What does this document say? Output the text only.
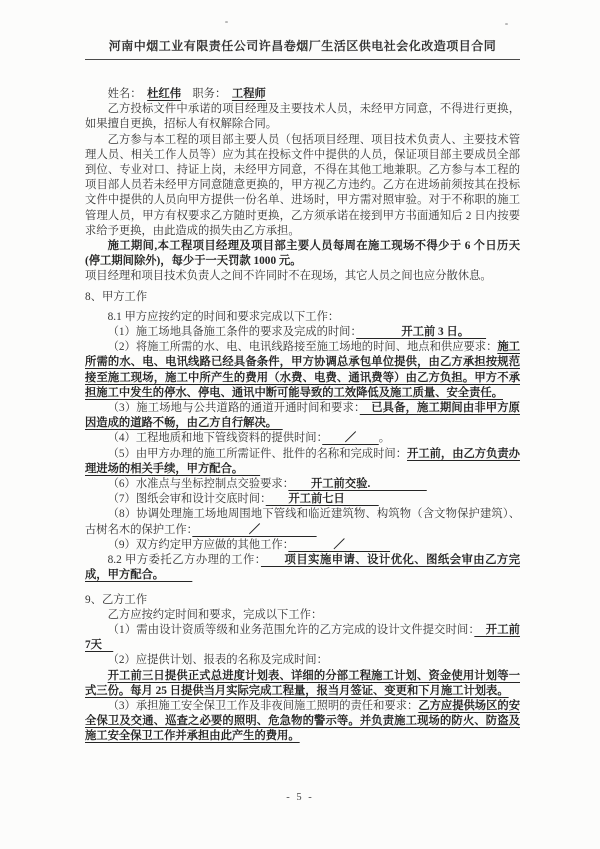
河南中烟工业有限责任公司许昌卷烟厂生活区供电社会化改造项目合同

姓名：　杜红伟　职务：　工程师

乙方投标文件中承诺的项目经理及主要技术人员，未经甲方同意，不得进行更换，如果擅自更换，招标人有权解除合同。

乙方参与本工程的项目部主要人员（包括项目经理、项目技术负责人、主要技术管理人员、相关工作人员等）应为其在投标文件中提供的人员，保证项目部主要成员全部到位、专业对口、持证上岗，未经甲方同意，不得在其他工地兼职。乙方参与本工程的项目部人员若未经甲方同意随意更换的，甲方视乙方违约。乙方在进场前须按其在投标文件中提供的人员向甲方提供一份名单、进场时，甲方需对照审验。对于不称职的施工管理人员，甲方有权要求乙方随时更换，乙方须承诺在接到甲方书面通知后 2 日内按要求给予更换，由此造成的损失由乙方承担。

施工期间,本工程项目经理及项目部主要人员每周在施工现场不得少于 6 个日历天(停工期间除外)，每少于一天罚款 1000 元。

项目经理和项目技术负责人之间不许同时不在现场，其它人员之间也应分散休息。

8、甲方工作

8.1 甲方应按约定的时间和要求完成以下工作：

（1）施工场地具备施工条件的要求及完成的时间：　　　　开工前 3 日。　　

（2）将施工所需的水、电、电讯线路接至施工场地的时间、地点和供应要求：施工所需的水、电、电讯线路已经具备条件，甲方协调总承包单位提供，由乙方承担按规范接至施工现场，施工中所产生的费用（水费、电费、通讯费等）由乙方负担。甲方不承担施工中发生的停水、停电、通讯中断可能导致的工效降低及施工质量、安全责任。

（3）施工场地与公共道路的通道开通时间和要求：　已具备，施工期间由非甲方原因造成的道路不畅，由乙方自行解决。　

（4）工程地质和地下管线资料的提供时间：　　／　　。

（5）由甲方办理的施工所需证件、批件的名称和完成时间：开工前，由乙方负责办理进场的相关手续，甲方配合。　　

（6）水准点与坐标控制点交验要求：　　开工前交验.　　　　　

（7）图纸会审和设计交底时间：　　开工前七日　　　

（8）协调处理施工场地周围地下管线和临近建筑物、构筑物（含文物保护建筑）、古树名木的保护工作：　　　　　／　　　　　

（9）双方约定甲方应做的其他工作：　　　　／　　　　

8.2 甲方委托乙方办理的工作：　　项目实施申请、设计优化、图纸会审由乙方完成，甲方配合。　　　

9、乙方工作

乙方应按约定时间和要求，完成以下工作：

（1）需由设计资质等级和业务范围允许的乙方完成的设计文件提交时间：　开工前 7天　

（2）应提供计划、报表的名称及完成时间：

开工前三日提供正式总进度计划表、详细的分部工程施工计划、资金使用计划等一式三份。每月 25 日提供当月实际完成工程量，报当月签证、变更和下月施工计划表。

（3）承担施工安全保卫工作及非夜间施工照明的责任和要求：乙方应提供场区的安全保卫及交通、巡查之必要的照明、危急物的警示等。并负责施工现场的防火、防盗及施工安全保卫工作并承担由此产生的费用。

- 5 -
